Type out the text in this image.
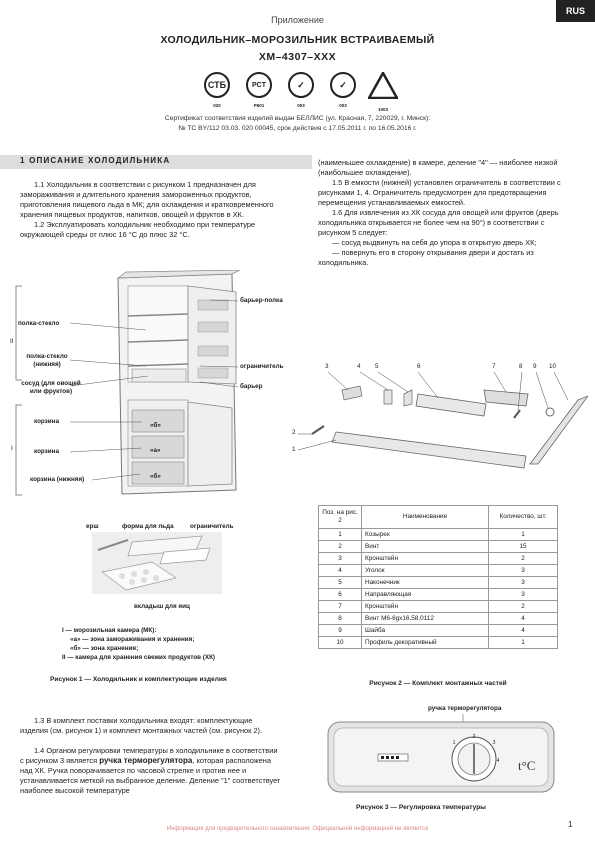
RUS
Приложение
ХОЛОДИЛЬНИК–МОРОЗИЛЬНИК ВСТРАИВАЕМЫЙ
ХМ–4307–ХХХ
СТБ
020
PCT
Р601
✓
003
✓
003
1003
Сертификат соответствия изделий выдан БЕЛЛИС (ул. Красная, 7, 220029, г. Минск):
№ ТС BY/112 03.03. 020 00045, срок действия с 17.05.2011 г. по 16.05.2016 г.
1 ОПИСАНИЕ ХОЛОДИЛЬНИКА

1.1 Холодильник в соответствии с рисунком 1 предназначен для замораживания и длительного хранения замороженных продуктов, приготовления пищевого льда в МК; для охлаждения и кратковременного хранения пищевых продуктов, напитков, овощей и фруктов в ХК.

1.2 Эксплуатировать холодильник необходимо при температуре окружающей среды от плюс 16 °С до плюс 32 °С.

(наименьшее охлаждение) в камере, деление "4" — наиболее низкой (наибольшее охлаждение).

1.5 В емкости (нижней) установлен ограничитель в соответствии с рисунками 1, 4. Ограничитель предусмотрен для предотвращения перемещения устанавливаемых емкостей.

1.6 Для извлечения из ХК сосуда для овощей или фруктов (дверь холодильника открывается не более чем на 90°) в соответствии с рисунком 5 следует:

— сосуд выдвинуть на себя до упора в открытую дверь ХК;

— повернуть его в сторону открывания двери и достать из холодильника.

полка-стекло
полка-стекло (нижняя)
сосуд (для овощей или фруктов)
корзина
корзина
корзина (нижняя)
барьер-полка
ограничитель
барьер
«б»
«а»
«б»
II
I
ерш	форма для льда	ограничитель
вкладыш для яиц
I — морозильная камера (МК):
«а» — зона замораживания и хранения;
«б» — зона хранения;
II — камера для хранения свежих продуктов (ХК)
Рисунок 1 — Холодильник и комплектующие изделия
3	4 5	6	7	8 9 10
2
1
Поз. на рис. 2	Наименование	Количество, шт.
1	Козырек	1
2	Винт	15
3	Кронштейн	2
4	Уголок	3
5	Наконечник	3
6	Направляющая	3
7	Кронштейн	2
8	Винт М6-6gх16.58.0112	4
9	Шайба	4
10	Профиль декоративный	1
Рисунок 2 — Комплект монтажных частей

1.3 В комплект поставки холодильника входят: комплектующие изделия (см. рисунок 1) и комплект монтажных частей (см. рисунок 2).

1.4 Органом регулировки температуры в холодильнике в соответствии с рисунком 3 является ручка терморегулятора, которая расположена над ХК. Ручка поворачивается по часовой стрелке и против нее и устанавливается меткой на выбранное деление. Деление "1" соответствует наиболее высокой температуре

ручка терморегулятора
1
2
3
4 t°C
Рисунок 3 — Регулировка температуры
Информация для предварительного ознакомления. Официальной информацией не является	1
